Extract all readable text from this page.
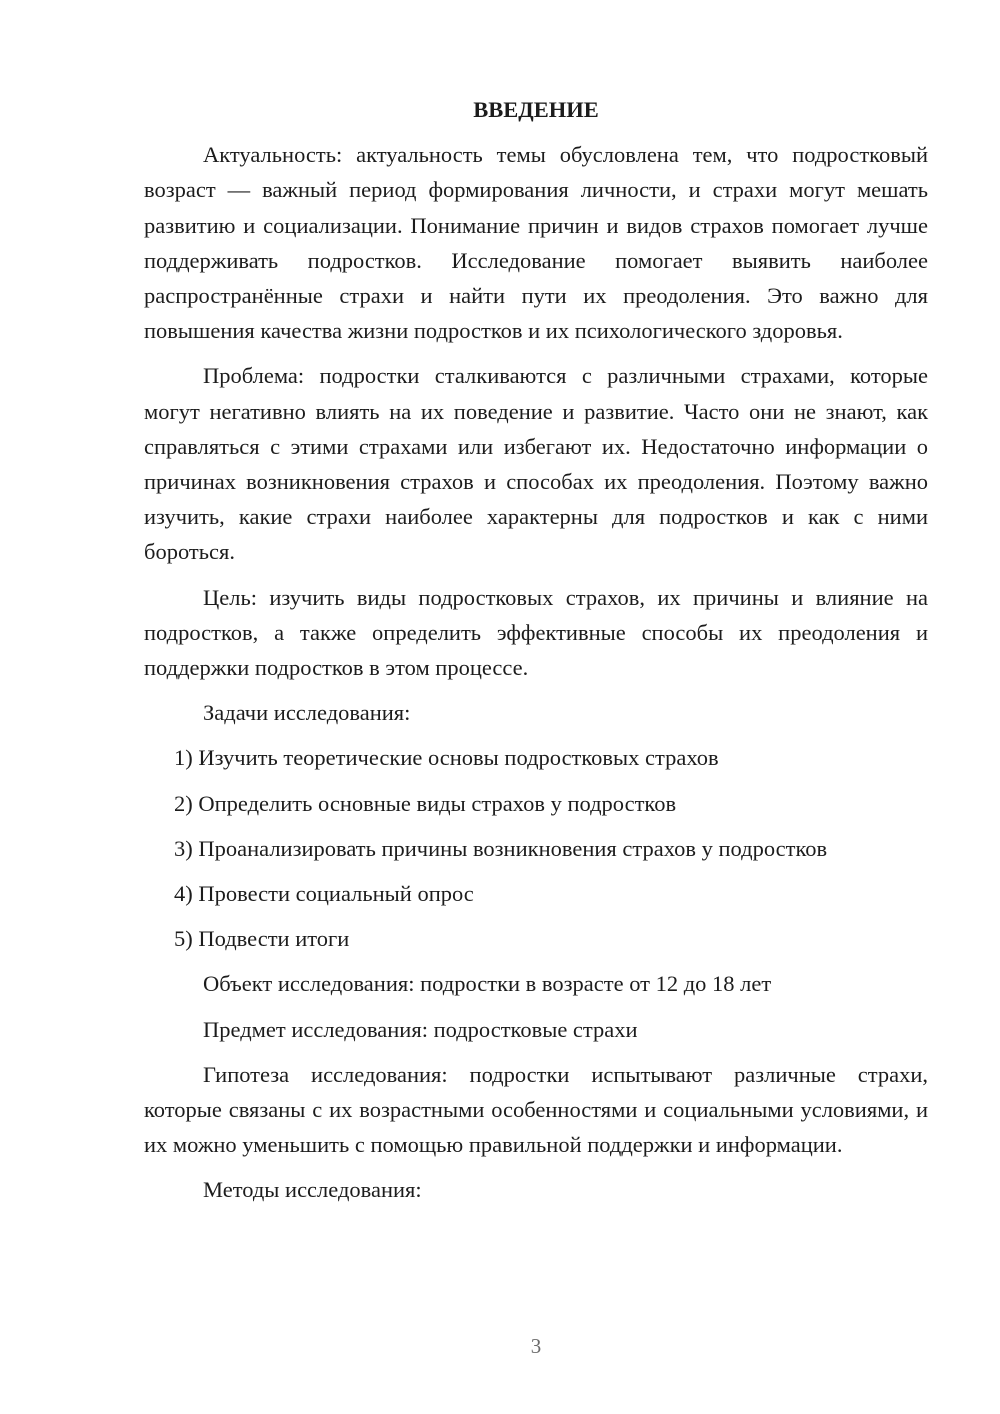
ВВЕДЕНИЕ

Актуальность: актуальность темы обусловлена тем, что подростковый возраст — важный период формирования личности, и страхи могут мешать развитию и социализации. Понимание причин и видов страхов помогает лучше поддерживать подростков. Исследование помогает выявить наиболее распространённые страхи и найти пути их преодоления. Это важно для повышения качества жизни подростков и их психологического здоровья.

Проблема: подростки сталкиваются с различными страхами, которые могут негативно влиять на их поведение и развитие. Часто они не знают, как справляться с этими страхами или избегают их. Недостаточно информации о причинах возникновения страхов и способах их преодоления. Поэтому важно изучить, какие страхи наиболее характерны для подростков и как с ними бороться.

Цель: изучить виды подростковых страхов, их причины и влияние на подростков, а также определить эффективные способы их преодоления и поддержки подростков в этом процессе.

Задачи исследования:

1) Изучить теоретические основы подростковых страхов
2) Определить основные виды страхов у подростков
3) Проанализировать причины возникновения страхов у подростков
4) Провести социальный опрос
5) Подвести итоги

Объект исследования: подростки в возрасте от 12 до 18 лет

Предмет исследования: подростковые страхи

Гипотеза исследования: подростки испытывают различные страхи, которые связаны с их возрастными особенностями и социальными условиями, и их можно уменьшить с помощью правильной поддержки и информации.

Методы исследования:

3
